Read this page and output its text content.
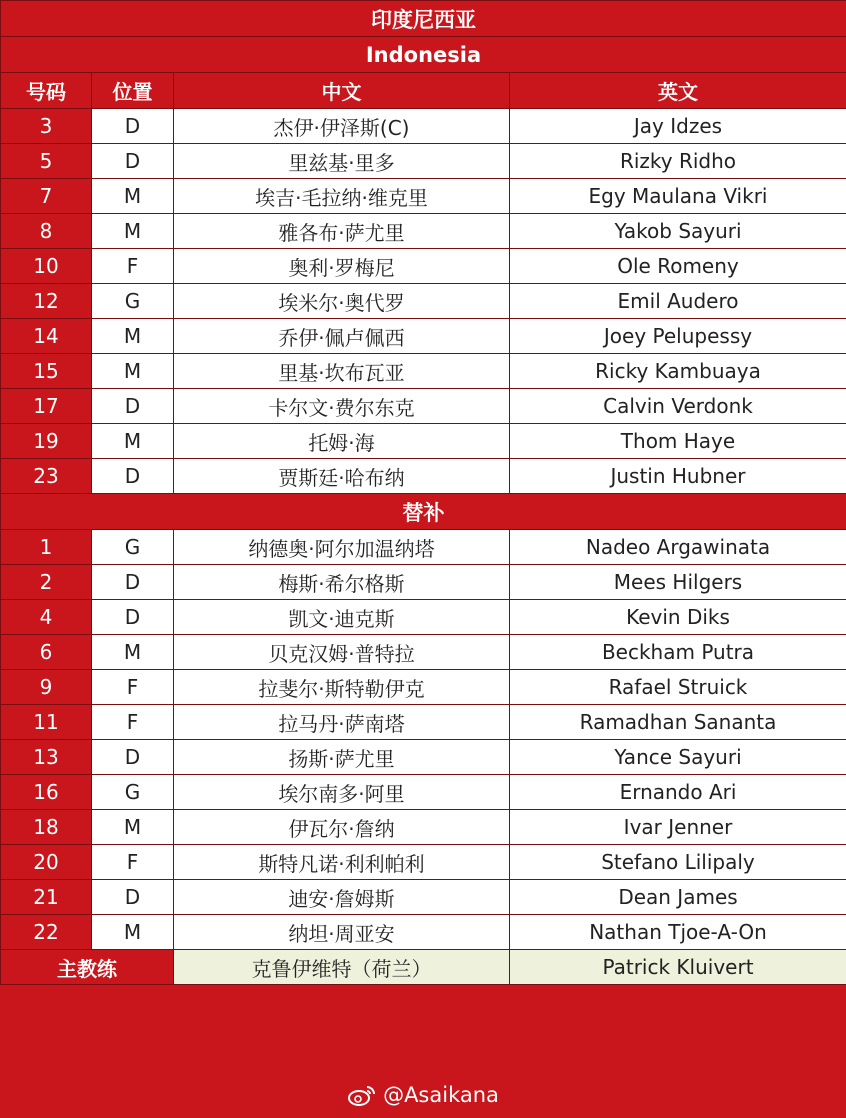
印度尼西亚			
Indonesia			
号码	位置	中文	英文
3	D	杰伊·伊泽斯(C)	Jay Idzes
5	D	里兹基·里多	Rizky Ridho
7	M	埃吉·毛拉纳·维克里	Egy Maulana Vikri
8	M	雅各布·萨尤里	Yakob Sayuri
10	F	奥利·罗梅尼	Ole Romeny
12	G	埃米尔·奥代罗	Emil Audero
14	M	乔伊·佩卢佩西	Joey Pelupessy
15	M	里基·坎布瓦亚	Ricky Kambuaya
17	D	卡尔文·费尔东克	Calvin Verdonk
19	M	托姆·海	Thom Haye
23	D	贾斯廷·哈布纳	Justin Hubner
替补			
1	G	纳德奥·阿尔加温纳塔	Nadeo Argawinata
2	D	梅斯·希尔格斯	Mees Hilgers
4	D	凯文·迪克斯	Kevin Diks
6	M	贝克汉姆·普特拉	Beckham Putra
9	F	拉斐尔·斯特勒伊克	Rafael Struick
11	F	拉马丹·萨南塔	Ramadhan Sananta
13	D	扬斯·萨尤里	Yance Sayuri
16	G	埃尔南多·阿里	Ernando Ari
18	M	伊瓦尔·詹纳	Ivar Jenner
20	F	斯特凡诺·利利帕利	Stefano Lilipaly
21	D	迪安·詹姆斯	Dean James
22	M	纳坦·周亚安	Nathan Tjoe-A-On
主教练		克鲁伊维特（荷兰）	Patrick Kluivert
@Asaikana
